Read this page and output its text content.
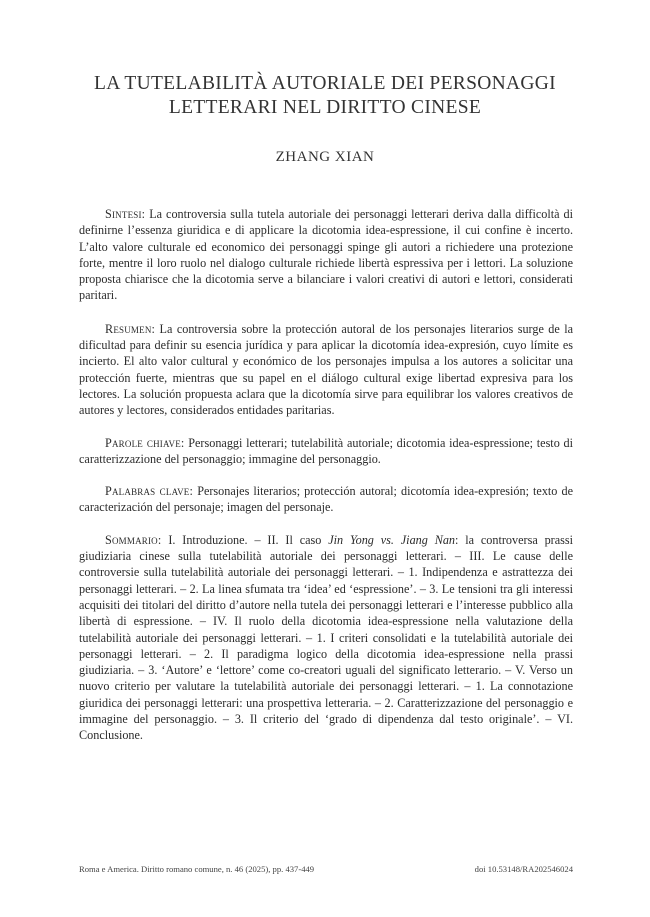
LA TUTELABILITÀ AUTORIALE DEI PERSONAGGI
LETTERARI NEL DIRITTO CINESE
ZHANG XIAN

Sintesi: La controversia sulla tutela autoriale dei personaggi letterari deriva dalla difficoltà di definirne l’essenza giuridica e di applicare la dicotomia idea-espressione, il cui confine è incerto. L’alto valore culturale ed economico dei personaggi spinge gli autori a richiedere una protezione forte, mentre il loro ruolo nel dialogo culturale richiede libertà espressiva per i lettori. La soluzione proposta chiarisce che la dicotomia serve a bilanciare i valori creativi di autori e lettori, considerati paritari.

Resumen: La controversia sobre la protección autoral de los personajes literarios surge de la dificultad para definir su esencia jurídica y para aplicar la dicotomía idea-expresión, cuyo límite es incierto. El alto valor cultural y económico de los personajes impulsa a los autores a solicitar una protección fuerte, mientras que su papel en el diálogo cultural exige libertad expresiva para los lectores. La solución propuesta aclara que la dicotomía sirve para equilibrar los valores creativos de autores y lectores, considerados entidades paritarias.

Parole chiave: Personaggi letterari; tutelabilità autoriale; dicotomia idea-espressione; testo di caratterizzazione del personaggio; immagine del personaggio.

Palabras clave: Personajes literarios; protección autoral; dicotomía idea-expresión; texto de caracterización del personaje; imagen del personaje.

Sommario: I. Introduzione. – II. Il caso Jin Yong vs. Jiang Nan: la controversa prassi giudiziaria cinese sulla tutelabilità autoriale dei personaggi letterari. – III. Le cause delle controversie sulla tutelabilità autoriale dei personaggi letterari. – 1. Indipendenza e astrattezza dei personaggi letterari. – 2. La linea sfumata tra ‘idea’ ed ‘espressione’. – 3. Le tensioni tra gli interessi acquisiti dei titolari del diritto d’autore nella tutela dei personaggi letterari e l’interesse pubblico alla libertà di espressione. – IV. Il ruolo della dicotomia idea-espressione nella valutazione della tutelabilità autoriale dei personaggi letterari. – 1. I criteri consolidati e la tutelabilità autoriale dei personaggi letterari. – 2. Il paradigma logico della dicotomia idea-espressione nella prassi giudiziaria. – 3. ‘Autore’ e ‘lettore’ come co-creatori uguali del significato letterario. – V. Verso un nuovo criterio per valutare la tutelabilità autoriale dei personaggi letterari. – 1. La connotazione giuridica dei personaggi letterari: una prospettiva letteraria. – 2. Caratterizzazione del personaggio e immagine del personaggio. – 3. Il criterio del ‘grado di dipendenza dal testo originale’. – VI. Conclusione.

Roma e America. Diritto romano comune, n. 46 (2025), pp. 437-449	doi 10.53148/RA202546024
